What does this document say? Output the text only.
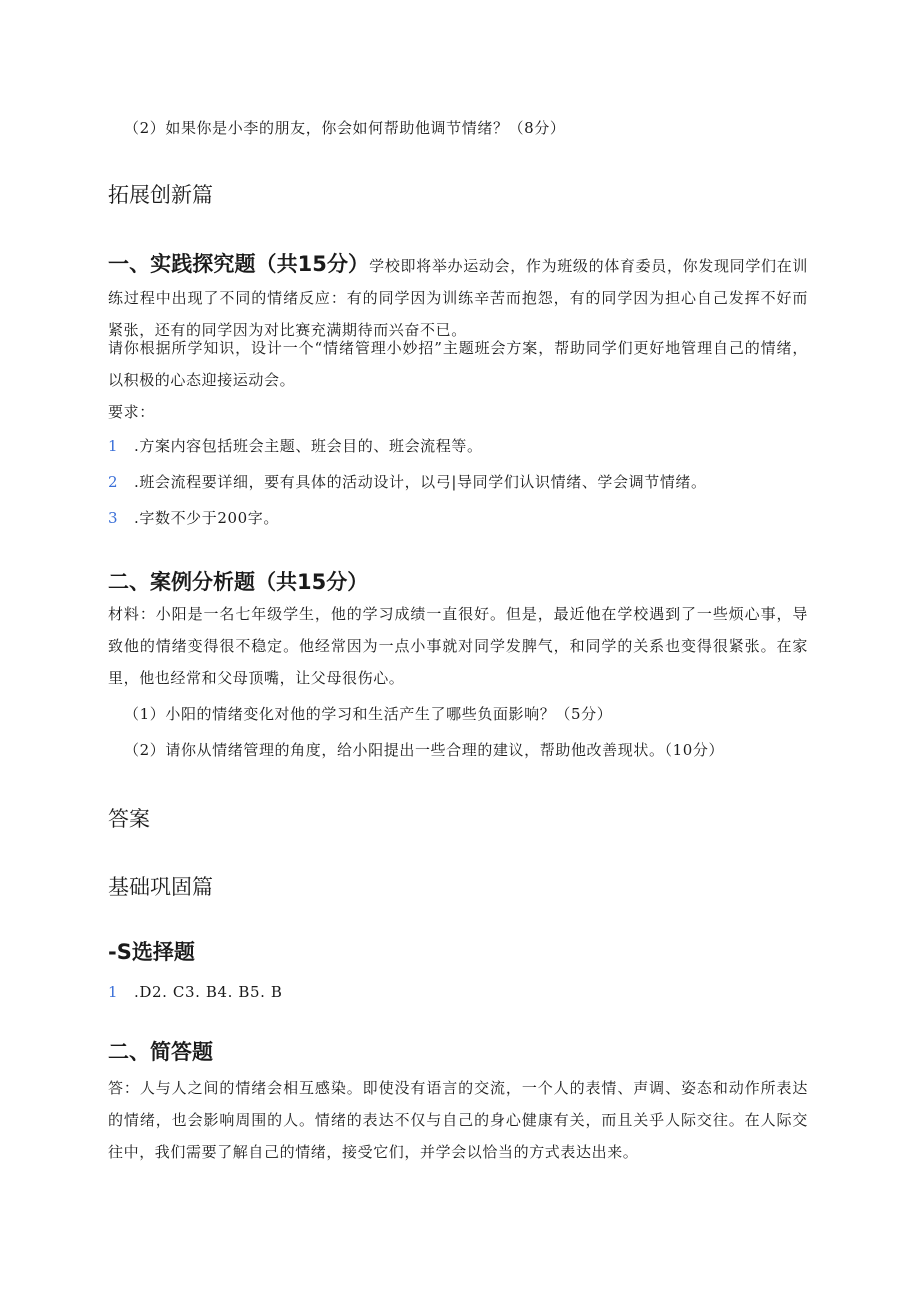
（2）如果你是小李的朋友，你会如何帮助他调节情绪？（8分）
拓展创新篇
一、实践探究题（共15分）学校即将举办运动会，作为班级的体育委员，你发现同学们在训练过程中出现了不同的情绪反应：有的同学因为训练辛苦而抱怨，有的同学因为担心自己发挥不好而紧张，还有的同学因为对比赛充满期待而兴奋不已。
请你根据所学知识，设计一个“情绪管理小妙招”主题班会方案，帮助同学们更好地管理自己的情绪，以积极的心态迎接运动会。
要求：
1 .方案内容包括班会主题、班会目的、班会流程等。
2 .班会流程要详细，要有具体的活动设计，以弓|导同学们认识情绪、学会调节情绪。
3 .字数不少于200字。
二、案例分析题（共15分）
材料：小阳是一名七年级学生，他的学习成绩一直很好。但是，最近他在学校遇到了一些烦心事，导致他的情绪变得很不稳定。他经常因为一点小事就对同学发脾气，和同学的关系也变得很紧张。在家里，他也经常和父母顶嘴，让父母很伤心。
（1）小阳的情绪变化对他的学习和生活产生了哪些负面影响？（5分）
（2）请你从情绪管理的角度，给小阳提出一些合理的建议，帮助他改善现状。（10分）
答案
基础巩固篇
-S选择题
1 .D2. C3. B4. B5. B
二、简答题
答：人与人之间的情绪会相互感染。即使没有语言的交流，一个人的表情、声调、姿态和动作所表达的情绪，也会影响周围的人。情绪的表达不仅与自己的身心健康有关，而且关乎人际交往。在人际交往中，我们需要了解自己的情绪，接受它们，并学会以恰当的方式表达出来。
